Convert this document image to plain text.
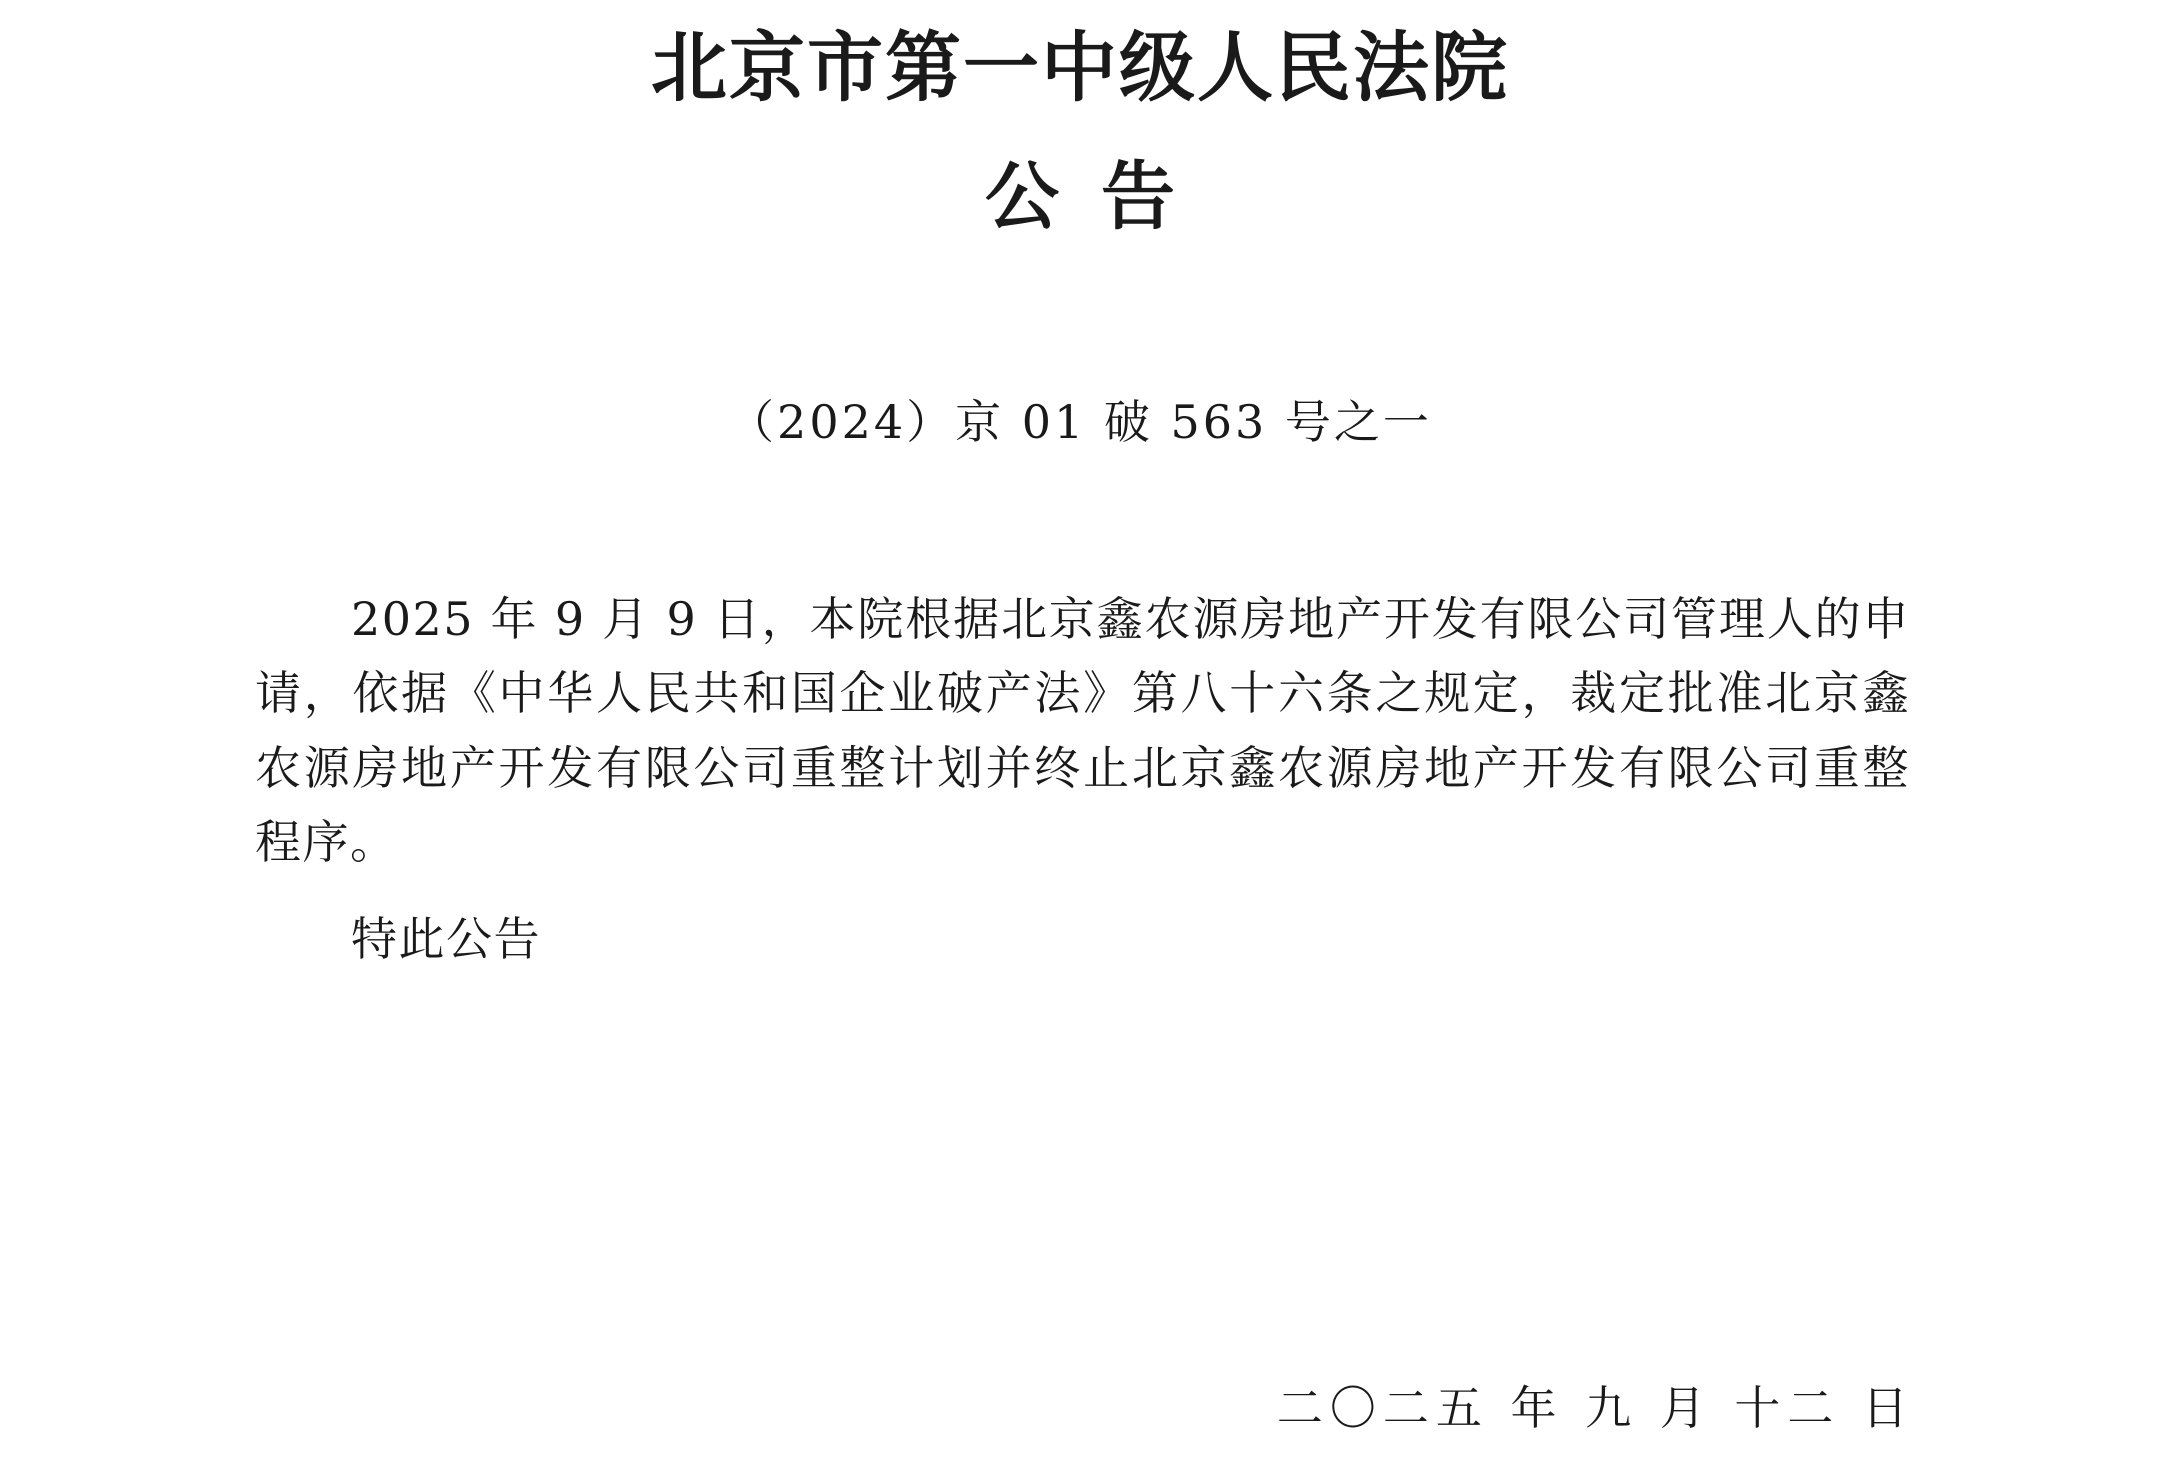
北京市第一中级人民法院
公告
（2024）京 01 破 563 号之一

2025 年 9 月 9 日，本院根据北京鑫农源房地产开发有限公司管理人的申请，依据《中华人民共和国企业破产法》第八十六条之规定，裁定批准北京鑫农源房地产开发有限公司重整计划并终止北京鑫农源房地产开发有限公司重整程序。

特此公告

二〇二五 年 九 月 十二 日
